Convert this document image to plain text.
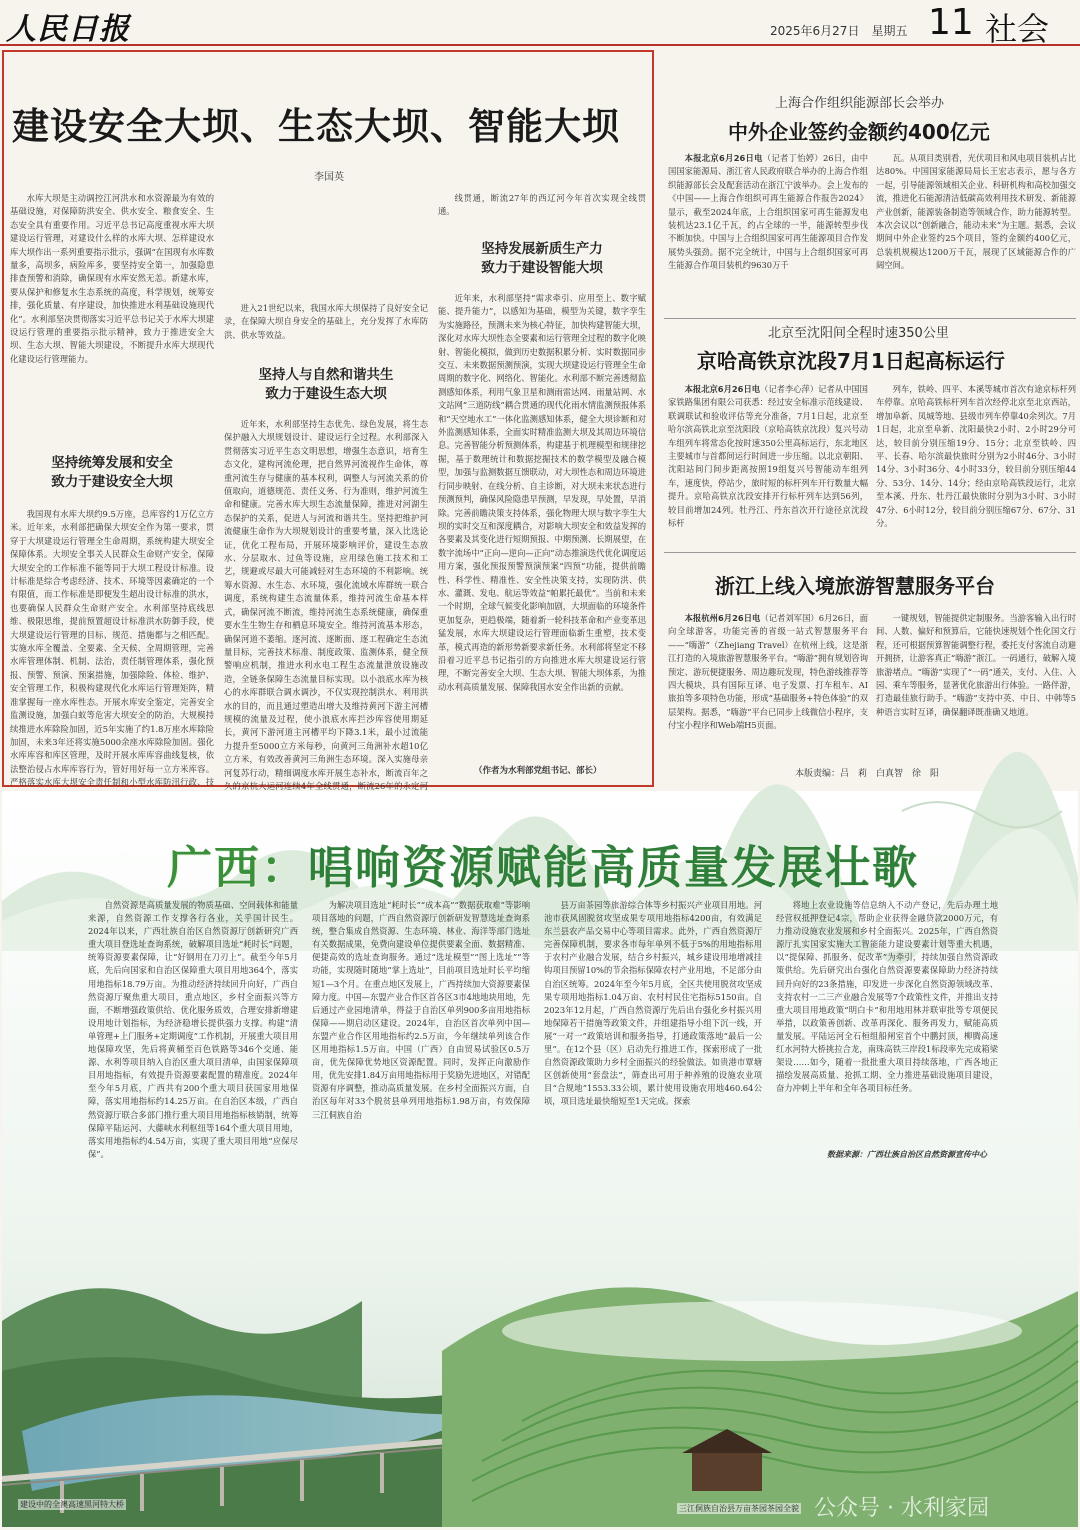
人民日报	2025年6月27日　星期五 11 社会
建设安全大坝、生态大坝、智能大坝
李国英
水库大坝是主动调控江河洪水和水资源最为有效的基础设施，对保障防洪安全、供水安全、粮食安全、生态安全具有重要作用。习近平总书记高度重视水库大坝建设运行管理，对建设什么样的水库大坝、怎样建设水库大坝作出一系列重要指示批示，强调“在国现有水库数量多，高坝多，病险库多，要坚持安全第一，加强隐患排查预警和消除，确保现有水库安然无恙。新建水库，要从保护和修复水生态系统的高度，科学规划，统筹安排，强化质量、有序建设，加快推进水利基础设施现代化”。水利部坚决贯彻落实习近平总书记关于水库大坝建设运行管理的重要指示批示精神，致力于推进安全大坝、生态大坝、智能大坝建设，不断提升水库大坝现代化建设运行管理能力。
坚持统筹发展和安全
致力于建设安全大坝
我国现有水库大坝约9.5万座，总库容约1万亿立方米。近年来，水利部把确保大坝安全作为第一要求，贯穿于大坝建设运行管理全生命周期，系统构建大坝安全保障体系。大坝安全事关人民群众生命财产安全，保障大坝安全的工作标准不能等同于大坝工程设计标准。设计标准是综合考虑经济、技术、环境等因素确定的一个有限值，而工作标准是即便发生超出设计标准的洪水，也要确保人民群众生命财产安全。水利部坚持底线思维、极限思维，提前预置超设计标准洪水防御手段，使大坝建设运行管理的目标、规范、措施都与之相匹配。实施水库全覆盖、全要素、全天候、全周期管理，完善水库管理体制、机制、法治，责任制管理体系，强化预报、预警、预演、预案措施，加强除险、体检、维护、安全管理工作，积极构建现代化水库运行管理矩阵，精准掌握每一座水库性态。开展水库安全鉴定，完善安全监测设施，加强白蚁等危害大坝安全的防治，大规模持续推进水库除险加固，近5年实施了约1.8万座水库除险加固，未来3年还将实施5000余座水库除险加固。强化水库库容和库区管理，及时开展水库库容曲线复核，依法整治侵占水库库容行为，管好用好每一立方米库容。严格落实水库大坝安全责任制和小型水库防汛行政、技
进入21世纪以来，我国水库大坝保持了良好安全记录，在保障大坝自身安全的基础上，充分发挥了水库防洪、供水等效益。
坚持人与自然和谐共生
致力于建设生态大坝
近年来，水利部坚持生态优先、绿色发展，将生态保护融入大坝规划设计、建设运行全过程。水利部深入贯彻落实习近平生态文明思想，增强生态意识，培育生态文化，建构河流伦理，把自然界河流视作生命体，尊重河流生存与健康的基本权利，调整人与河流关系的价值取向，道德规范、责任义务、行为准则，维护河流生命和健康。完善水库大坝生态流量保障，推进对河湖生态保护的关系，促进人与河流和谐共生。坚持把维护河流健康生命作为大坝规划设计的重要考量，深入比选论证，优化工程布局，开展环境影响评价，建设生态放水、分层取水、过鱼等设施，应用绿色施工技术和工艺，规避或尽最大可能减轻对生态环境的不利影响。统筹水资源、水生态、水环境，强化流域水库群统一联合调度，系统构建生态流量体系，维持河流生命基本样式，确保河流不断流，维持河流生态系统健康，确保重要水生生物生存和栖息环境安全。维持河流基本形态，确保河道不萎缩。逐河流、逐断面、逐工程确定生态流量目标，完善技术标准、制度政策、监测体系，健全预警响应机制，推进水利水电工程生态流量泄放设施改造，全链条保障生态流量目标实现。以小浪底水库为核心的水库群联合调水调沙，不仅实现控制洪水、利用洪水的目的，而且通过塑造出增大及维持黄河下游主河槽规模的流量及过程，使小浪底水库拦沙库容使用期延长，黄河下游河道主河槽平均下降3.1米，最小过流能力提升至5000立方米每秒，向黄河三角洲补水超10亿立方米，有效改善黄河三角洲生态环境。深入实施母亲河复苏行动，精细调度水库开展生态补水，断流百年之久的京杭大运河连续4年全线贯通，断流26年的永定河
线贯通，断流27年的西辽河今年首次实现全线贯通。
坚持发展新质生产力
致力于建设智能大坝
近年来，水利部坚持“需求牵引、应用至上、数字赋能、提升能力”，以感知为基础，模型为关键，数字孪生为实施路径，预测未来为核心特征，加快构建智能大坝，深化对水库大坝性态全要素和运行管理全过程的数字化映射、智能化模拟，做到历史数据积累分析、实时数据同步交互、未来数据预测预演，实现大坝建设运行管理全生命周期的数字化、网络化、智能化。水利部不断完善透彻监测感知体系，利用气象卫星和测雨雷达网、雨量站网、水文站网“三道防线”耦合贯通的现代化雨水情监测预报体系和“天空地水工”一体化监测感知体系，健全大坝诊断和对外监测感知体系，全面实时精准监测大坝及其周边环境信息。完善智能分析预测体系，构建基于机理模型和规律挖掘，基于数理统计和数据挖掘技术的数学模型及融合模型，加强与监测数据互馈联动，对大坝性态和周边环境进行同步映射、在线分析、自主诊断，对大坝未来状态进行预测预判，确保风险隐患早预测，早发现，早处置，早消除。完善前瞻决策支持体系，强化物理大坝与数字孪生大坝的实时交互和深度耦合，对影响大坝安全和效益发挥的各要素及其变化进行短期预报、中期预测、长期展望，在数字流场中“正向—逆向—正向”动态推演迭代优化调度运用方案，强化预报预警预演预案“四预”功能，提供前瞻性、科学性、精准性、安全性决策支持，实现防洪、供水、灌溉、发电、航运等效益“帕累托最优”。当前和未来一个时期，全球气候变化影响加剧，大坝面临的环境条件更加复杂，更趋极端，随着新一轮科技革命和产业变革迅猛发展，水库大坝建设运行管理面临新生重塑，技术变革，模式再造的新形势新要求新任务。水利部将坚定不移沿着习近平总书记指引的方向推进水库大坝建设运行管理，不断完善安全大坝、生态大坝、智能大坝体系，为推动水利高质量发展、保障我国水安全作出新的贡献。
（作者为水利部党组书记、部长）
上海合作组织能源部长会举办
中外企业签约金额约400亿元
本报北京6月26日电（记者丁怡婷）26日，由中国国家能源局、浙江省人民政府联合举办的上海合作组织能源部长会及配套活动在浙江宁波举办。会上发布的《中国——上海合作组织可再生能源合作报告2024》显示，截至2024年底，上合组织国家可再生能源发电装机达23.1亿千瓦，约占全球的一半，能源转型步伐不断加快。中国与上合组织国家可再生能源项目合作发展势头强劲。据不完全统计，中国与上合组织国家可再生能源合作项目装机约9630万千
瓦。从项目类别看，光伏项目和风电项目装机占比达80%。中国国家能源局局长王宏志表示，愿与各方一起，引导能源领域相关企业、科研机构和高校加强交流，推进化石能源清洁低碳高效利用技术研发、新能源产业创新，能源装备制造等领域合作，助力能源转型。本次会议以“创新融合，能动未来”为主题。据悉，会议期间中外企业签约25个项目，签约金额约400亿元，总装机规模达1200万千瓦，展现了区域能源合作的广阔空间。
北京至沈阳间全程时速350公里
京哈高铁京沈段7月1日起高标运行
本报北京6月26日电（记者李心萍）记者从中国国家铁路集团有限公司获悉：经过安全标准示范线建设、联调联试和验收评估等充分准备，7月1日起，北京至哈尔滨高铁北京至沈阳段（京哈高铁京沈段）复兴号动车组列车将常态化按时速350公里高标运行，东北地区主要城市与首都间运行时间进一步压缩。以北京朝阳、沈阳站间门间步距离按照19组复兴号智能动车组列车，速度快，停站少，旅时短的标杆列车开行数量大幅提升。京哈高铁京沈段安排开行标杆列车达到56列，较目前增加24列。牡丹江、丹东首次开行途径京沈段标杆
列车，铁岭、四平、本溪等城市首次有途京标杆列车停靠。京哈高铁标杆列车首次经停北京至北京西站，增加阜新、凤城等地、县级市列车停靠40余列次。7月1日起，北京至阜新、沈阳最快2小时、2小时29分可达，较目前分别压缩19分、15分；北京至铁岭、四平、长春、哈尔滨最快旅时分别为2小时46分、3小时14分、3小时36分、4小时33分，较目前分别压缩44分、53分、14分、14分；经由京哈高铁段运行，北京至本溪、丹东、牡丹江最快旅时分别为3小时、3小时47分、6小时12分，较目前分别压缩67分、67分、31分。
浙江上线入境旅游智慧服务平台
本报杭州6月26日电（记者刘军国）6月26日，面向全球游客，功能完善的省级一站式智慧服务平台——“嗨游”（Zhejiang Travel）在杭州上线，这是浙江打造的入境旅游智慧服务平台。“嗨游”拥有规划咨询预定、游玩便捷服务、周边趣玩发现，特色游线推荐等四大模块，具有国际互译、电子发票、打车租车、AI旅拍等多项特色功能，形成“基础服务+特色体验”的双层架构。据悉，“嗨游”平台已同步上线微信小程序，支付宝小程序和Web端H5页面。
一键规划，智能提供定制服务。当游客输入出行时间、人数、偏好和预算后，它能快速规划个性化国文行程，还可根据预算智能调整行程，委托支付客流自动避开拥挤，让游客真正“嗨游”浙江。一码通行，破解入境旅游堵点。“嗨游”实现了“一码”通关，支付、入住、入园、乘车等服务，显著优化旅游出行体验。一路伴游，打造最佳旅行助手。“嗨游”支持中英、中日、中韩等5种语言实时互译，确保翻译既准确又地道。
本版责编：吕　莉　白真智　徐　阳
广西：唱响资源赋能高质量发展壮歌
自然资源是高质量发展的物质基础、空间载体和能量来源，自然资源工作支撑各行各业，关乎国计民生。2024年以来，广西壮族自治区自然资源厅创新研究广西重大项目登选址查询系统，破解项目选址“耗时长”问题，统筹资源要素保障，让“好钢用在刀刃上”。截至今年5月底，先后向国家和自治区保障重大项目用地364个，落实用地指标18.79万亩。为推动经济持续回升向好，广西自然资源厅聚焦重大项目，重点地区，乡村全面振兴等方面，不断增强政策供给、优化服务质效，合理安排新增建设用地计划指标，为经济稳增长提供强力支撑。构建“清单管理+上门服务+定期调度”工作机制，开展重大项目用地保障攻坚，先后将黄桶至百色铁路等346个交通、能源、水利等项目纳入自治区重大项目清单，由国家保障项目用地指标，有效提升资源要素配置的精准度。2024年至今年5月底，广西共有200个重大项目获国家用地保障，落实用地指标约14.25万亩。在自治区本级，广西自然资源厅联合多部门推行重大项目用地指标核销制，统筹保障平陆运河、大藤峡水利枢纽等164个重大项目用地，落实用地指标约4.54万亩，实现了重大项目用地“应保尽保”。
为解决项目选址“耗时长”“成本高”“数据获取难”等影响项目落地的问题，广西自然资源厅创新研发智慧选址查询系统，整合集成自然资源、生态环境、林业、海洋等部门选址有关数据成果，免费向建设单位提供要素全面、数据精准、便捷高效的选址查询服务。通过“选址模型”“图上选址”“等功能，实现随时随地“掌上选址”，目前项目选址时长平均缩短1—3个月。在重点地区发展上，广西持续加大资源要素保障力度。中国—东盟产业合作区首各区3市4地地块用地，先后通过产业园地清单，得益于自治区单列900多亩用地指标保障——期启动区建设。2024年，自治区首次单列中国—东盟产业合作区用地指标约2.5万亩，今年继续单列该合作区用地指标1.5万亩。中国（广西）自由贸易试验区0.5万亩，优先保障优势地区资源配置。同时，发挥正向激励作用，优先安排1.84万亩用地指标用于奖励先进地区，对错配资源有序调整，推动高质量发展。在乡村全面振兴方面，自治区每年对33个脱贫县单列用地指标1.98万亩，有效保障三江侗族自治
县万亩茶园等旅游综合体等乡村振兴产业项目用地。河池市获风固脱贫攻坚成果专项用地指标4200亩，有效满足东兰县农产品交易中心等项目需求。此外，广西自然资源厅完善保障机制，要求各市每年单列不低于5%的用地指标用于农村产业融合发展，结合乡村振兴，城乡建设用地增减挂钩项目预留10%的节余指标保障农村产业用地，不足部分由自治区统筹。2024年至今年5月底，全区共使用脱贫攻坚成果专项用地指标1.04万亩、农村村民住宅指标5150亩。自2023年12月起，广西自然资源厅先后出台强化乡村振兴用地保障若干措施等政策文件，并组建指导小组下沉一线，开展“一对一”政策培训和服务指导，打通政策落地“最后一公里”。在12个县（区）启动先行推进工作，探索形成了一批自然资源政策助力乡村全面振兴的经验做法。如贵港市覃塘区创新使用“套盘法”，筛查出可用于种养殖的设施农业项目“合规地”1553.33公顷，累计使用设施农用地460.64公顷，项目选址最快缩短至1天完成。探索
将地上农业设施等信息纳入不动产登记，先后办理土地经营权抵押登记4宗，帮助企业获得金融贷款2000万元，有力推动设施农业发展和乡村全面振兴。2025年，广西自然资源厅扎实国家实施大工智能能力建设要素计划等重大机遇，以“提保障、抓服务、促改革”为牵引，持续加强自然资源政策供给。先后研究出台强化自然资源要素保障助力经济持续回升向好的23条措施，印发进一步深化自然资源领域改革、支持农村一二三产业融合发展等7个政策性文件，并推出支持重大项目用地政策“明白卡”和用地用林并联审批等专项便民举措，以政策善创新、改革再深化、服务再发力，赋能高质量发展。平陆运河全石桓组船闸室首个中鹏封顶，柳腾高速红水河特大桥挑拉合龙，南珠高铁三岸段1标段率先完成箱梁架设……如今，随着一批批重大项目持续落地，广西各地正描绘发展高质量、抢抓工期、全力推进基础设施项目建设，奋力冲刺上半年和全年各项目标任务。
数据来源：广西壮族自治区自然资源宣传中心
建设中的全澳高速黑河特大桥	三江侗族自治县万亩茶园茶园全貌 公众号 · 水利家园
